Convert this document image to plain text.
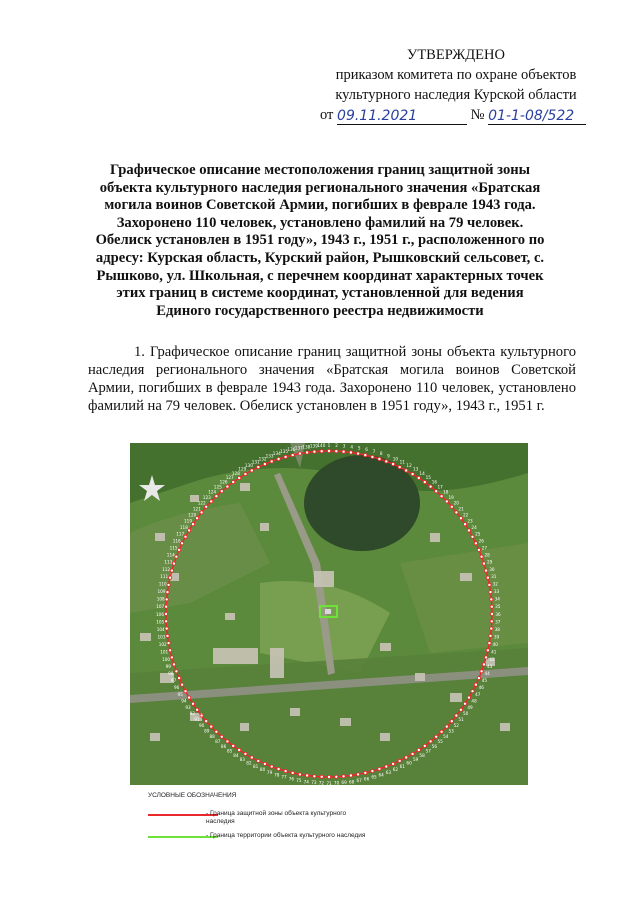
УТВЕРЖДЕНО
приказом комитета по охране объектов
культурного наследия Курской области
от 09.11.2021	№ 01-1-08/522
Графическое описание местоположения границ защитной зоны объекта культурного наследия регионального значения «Братская могила воинов Советской Армии, погибших в феврале 1943 года. Захоронено 110 человек, установлено фамилий на 79 человек. Обелиск установлен в 1951 году», 1943 г., 1951 г., расположенного по адресу: Курская область, Курский район, Рышковский сельсовет, с. Рышково, ул. Школьная, с перечнем координат характерных точек этих границ в системе координат, установленной для ведения Единого государственного реестра недвижимости
1. Графическое описание границ защитной зоны объекта культурного наследия регионального значения «Братская могила воинов Советской Армии, погибших в феврале 1943 года. Захоронено 110 человек, установлено фамилий на 79 человек. Обелиск установлен в 1951 году», 1943 г., 1951 г.
1 2 3 4 5 6 7 8 9
10
11
12
13
14
15
16
17
18
19
20
21
22
23
24
25
26
27
28
29
30
31
32
33
34
35
36
37
38
39
40
41
42
43
44
45
46
47
48
49
50
51
52
53
54
55
56
57
58
59
60
61
62
63
64
65
66
67
68
69
70
71
72
73
74
75
76
77
78
79
80
81
82
83
84
85
86
87
88
89
90
91
92
93
94
95
96
97
98
99
100
101
102
103
104
105
106
107
108
109
110
111
112
113
114
115
116
117
118
119
120
121
122
123
124
125
126
127
128
129
130
131
132
133 134 135 136 137 138 139 140
УСЛОВНЫЕ ОБОЗНАЧЕНИЯ
- Граница защитной зоны объекта культурного наследия
- Граница территории объекта культурного наследия
